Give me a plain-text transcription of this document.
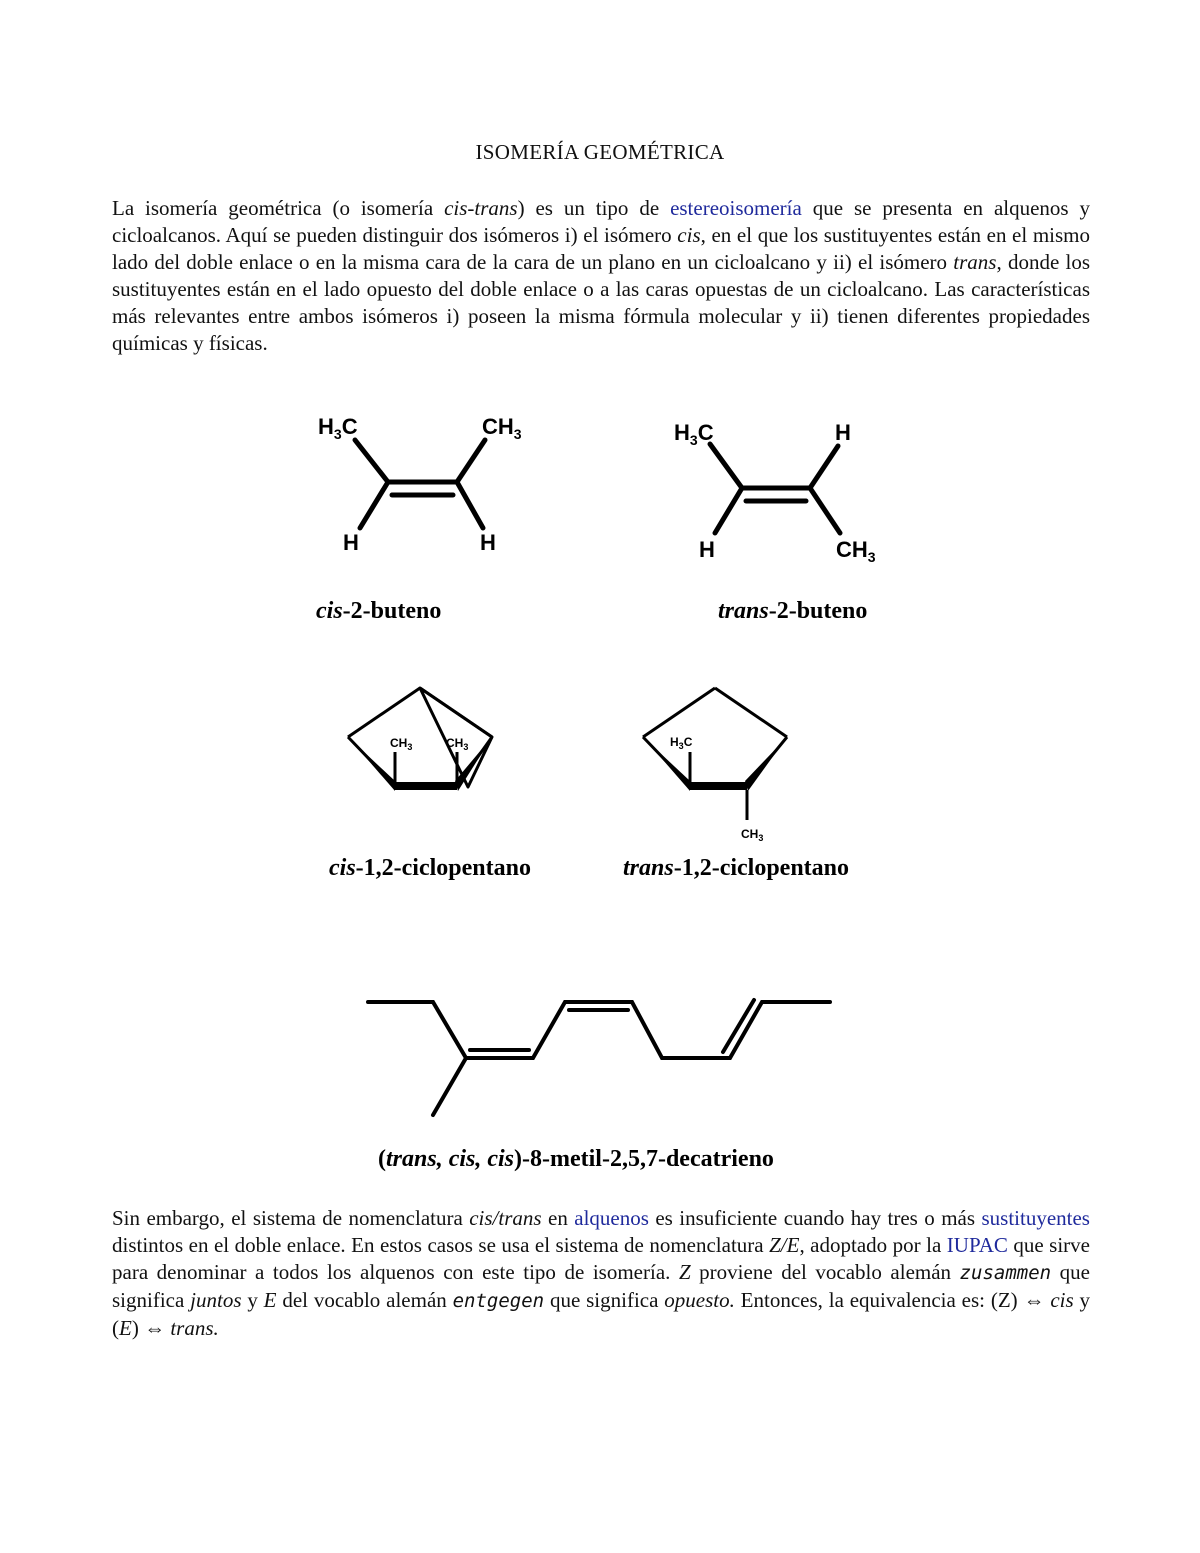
ISOMERÍA GEOMÉTRICA

La isomería geométrica (o isomería cis-trans) es un tipo de estereoisomería que se presenta en alquenos y cicloalcanos. Aquí se pueden distinguir dos isómeros i) el isómero cis, en el que los sustituyentes están en el mismo lado del doble enlace o en la misma cara de la cara de un plano en un cicloalcano y ii) el isómero trans, donde los sustituyentes están en el lado opuesto del doble enlace o a las caras opuestas de un cicloalcano. Las características más relevantes entre ambos isómeros i) poseen la misma fórmula molecular y ii) tienen diferentes propiedades químicas y físicas.

$H_3C$	$CH_3$
H	H
cis-2-buteno
$H_3C$	H
H	$CH_3$
trans-2-buteno
$CH_3$	$CH_3$
cis-1,2-ciclopentano
$H_3C$
$CH_3$
trans-1,2-ciclopentano
(trans, cis, cis)-8-metil-2,5,7-decatrieno

Sin embargo, el sistema de nomenclatura cis/trans en alquenos es insuficiente cuando hay tres o más sustituyentes distintos en el doble enlace. En estos casos se usa el sistema de nomenclatura Z/E, adoptado por la IUPAC que sirve para denominar a todos los alquenos con este tipo de isomería. Z proviene del vocablo alemán zusammen que significa juntos y E del vocablo alemán entgegen que significa opuesto. Entonces, la equivalencia es: (Z) ⇔ cis y (E) ⇔ trans.
